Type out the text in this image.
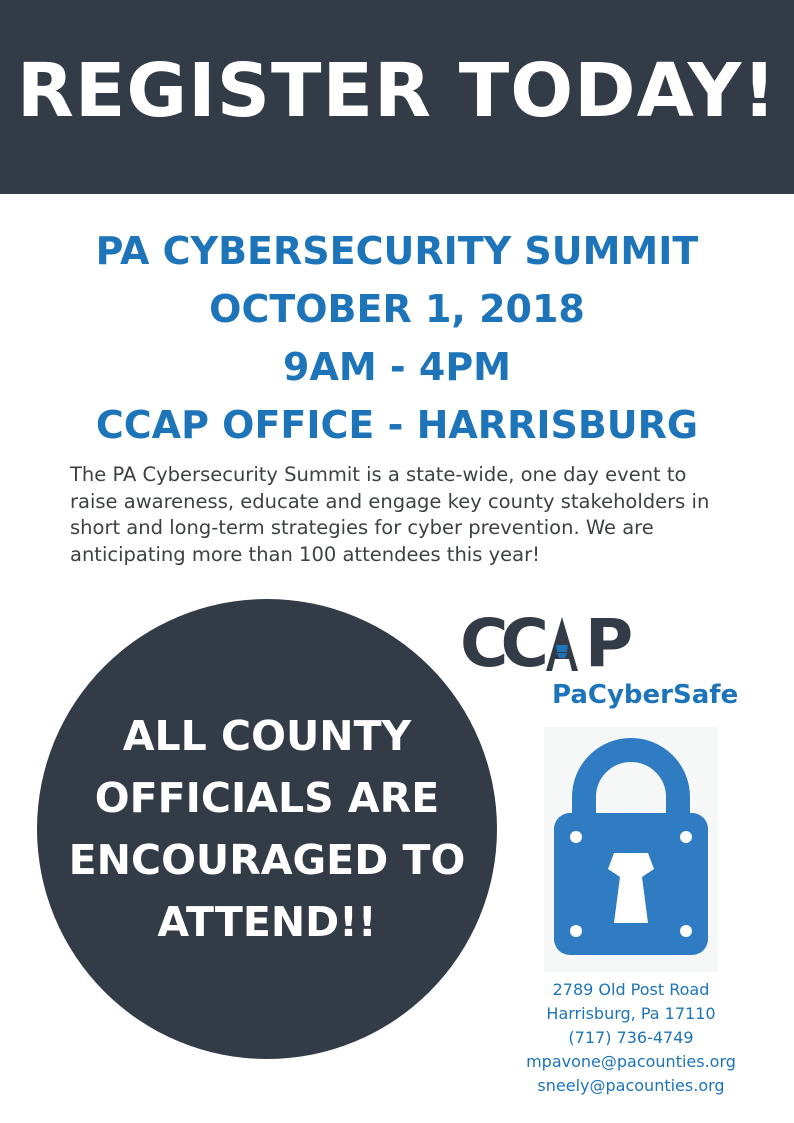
REGISTER TODAY!
PA CYBERSECURITY SUMMIT
OCTOBER 1, 2018
9AM - 4PM
CCAP OFFICE - HARRISBURG
The PA Cybersecurity Summit is a state-wide, one day event to raise awareness, educate and engage key county stakeholders in short and long-term strategies for cyber prevention. We are anticipating more than 100 attendees this year!
ALL COUNTY
OFFICIALS ARE
ENCOURAGED TO
ATTEND!!
C C P
PaCyberSafe
2789 Old Post Road
Harrisburg, Pa 17110
(717) 736-4749
mpavone@pacounties.org
sneely@pacounties.org
